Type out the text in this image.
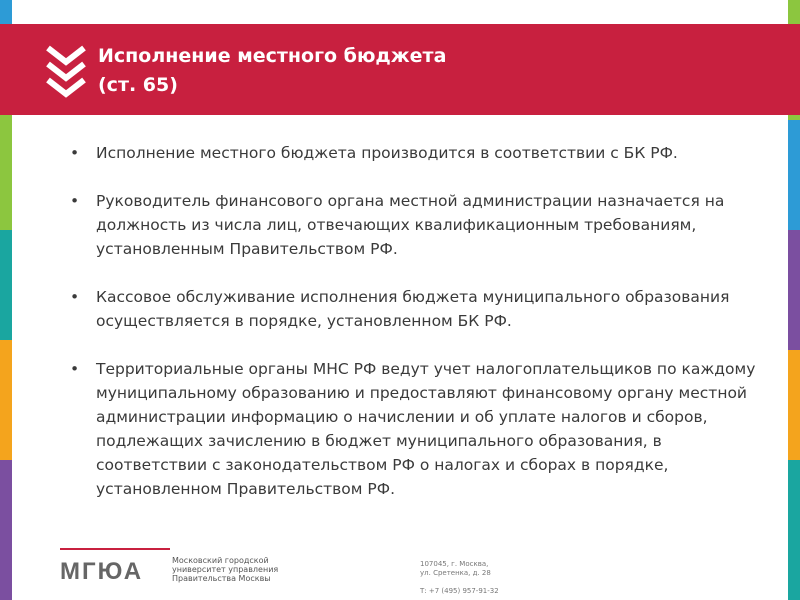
Исполнение местного бюджета
(ст. 65)
• Исполнение местного бюджета производится в соответствии с БК РФ.
• Руководитель финансового органа местной администрации назначается на должность из числа лиц, отвечающих квалификационным требованиям, установленным Правительством РФ.
• Кассовое обслуживание исполнения бюджета муниципального образования осуществляется в порядке, установленном БК РФ.
• Территориальные органы МНС РФ ведут учет налогоплательщиков по каждому муниципальному образованию и предоставляют финансовому органу местной администрации информацию о начислении и об уплате налогов и сборов, подлежащих зачислению в бюджет муниципального образования, в соответствии с законодательством РФ о налогах и сборах в порядке, установленном Правительством РФ.
МГЮА	Московский городской
университет управления
Правительства Москвы
107045, г. Москва,
ул. Сретенка, д. 28
Т: +7 (495) 957-91-32
